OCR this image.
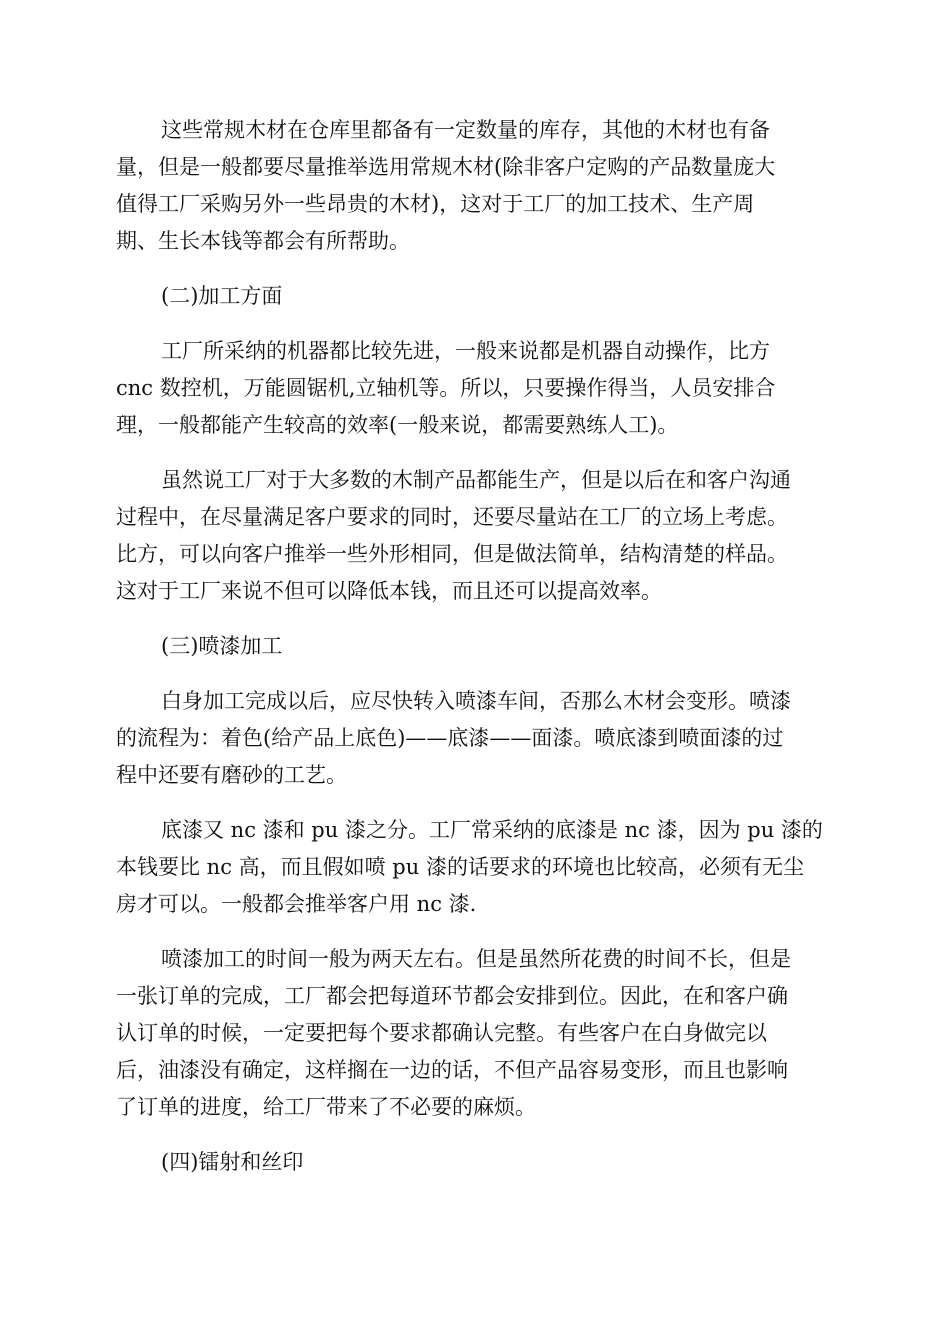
这些常规木材在仓库里都备有一定数量的库存，其他的木材也有备
量，但是一般都要尽量推举选用常规木材(除非客户定购的产品数量庞大
值得工厂采购另外一些昂贵的木材)，这对于工厂的加工技术、生产周
期、生长本钱等都会有所帮助。
(二)加工方面
工厂所采纳的机器都比较先进，一般来说都是机器自动操作，比方
cnc 数控机，万能圆锯机,立轴机等。所以，只要操作得当，人员安排合
理，一般都能产生较高的效率(一般来说，都需要熟练人工)。
虽然说工厂对于大多数的木制产品都能生产，但是以后在和客户沟通
过程中，在尽量满足客户要求的同时，还要尽量站在工厂的立场上考虑。
比方，可以向客户推举一些外形相同，但是做法简单，结构清楚的样品。
这对于工厂来说不但可以降低本钱，而且还可以提高效率。
(三)喷漆加工
白身加工完成以后，应尽快转入喷漆车间，否那么木材会变形。喷漆
的流程为：着色(给产品上底色)——底漆——面漆。喷底漆到喷面漆的过
程中还要有磨砂的工艺。
底漆又 nc 漆和 pu 漆之分。工厂常采纳的底漆是 nc 漆，因为 pu 漆的
本钱要比 nc 高，而且假如喷 pu 漆的话要求的环境也比较高，必须有无尘
房才可以。一般都会推举客户用 nc 漆.
喷漆加工的时间一般为两天左右。但是虽然所花费的时间不长，但是
一张订单的完成，工厂都会把每道环节都会安排到位。因此，在和客户确
认订单的时候，一定要把每个要求都确认完整。有些客户在白身做完以
后，油漆没有确定，这样搁在一边的话，不但产品容易变形，而且也影响
了订单的进度，给工厂带来了不必要的麻烦。
(四)镭射和丝印
